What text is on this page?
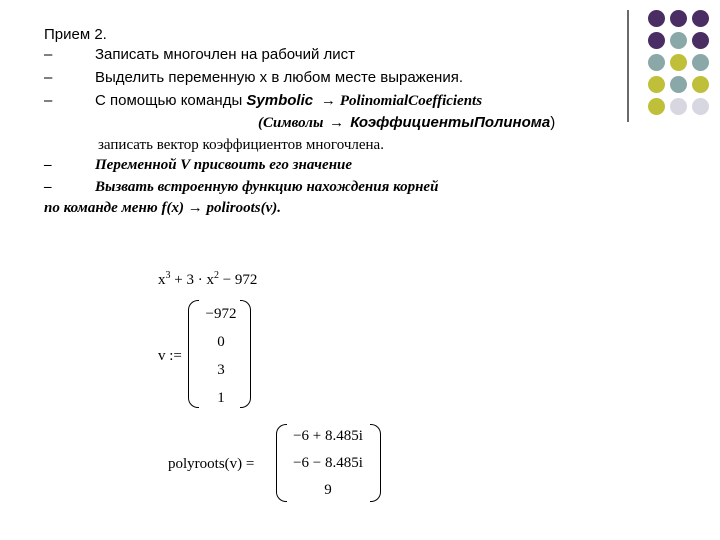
Прием 2.
–	Записать многочлен на рабочий лист
–	Выделить переменную x в любом месте выражения.
–	С помощью команды Symbolic → PolinomialCoefficients
(Символы → КоэффициентыПолинома)
записать вектор коэффициентов многочлена.
–	Переменной V присвоить его значение
–	Вызвать встроенную функцию нахождения корней
по команде меню f(x) → poliroots(v).
$x^3 + 3 \cdot x^2 - 972$
v :=
−972
0
3
1
polyroots(v) =
−6 + 8.485i
−6 − 8.485i
9
